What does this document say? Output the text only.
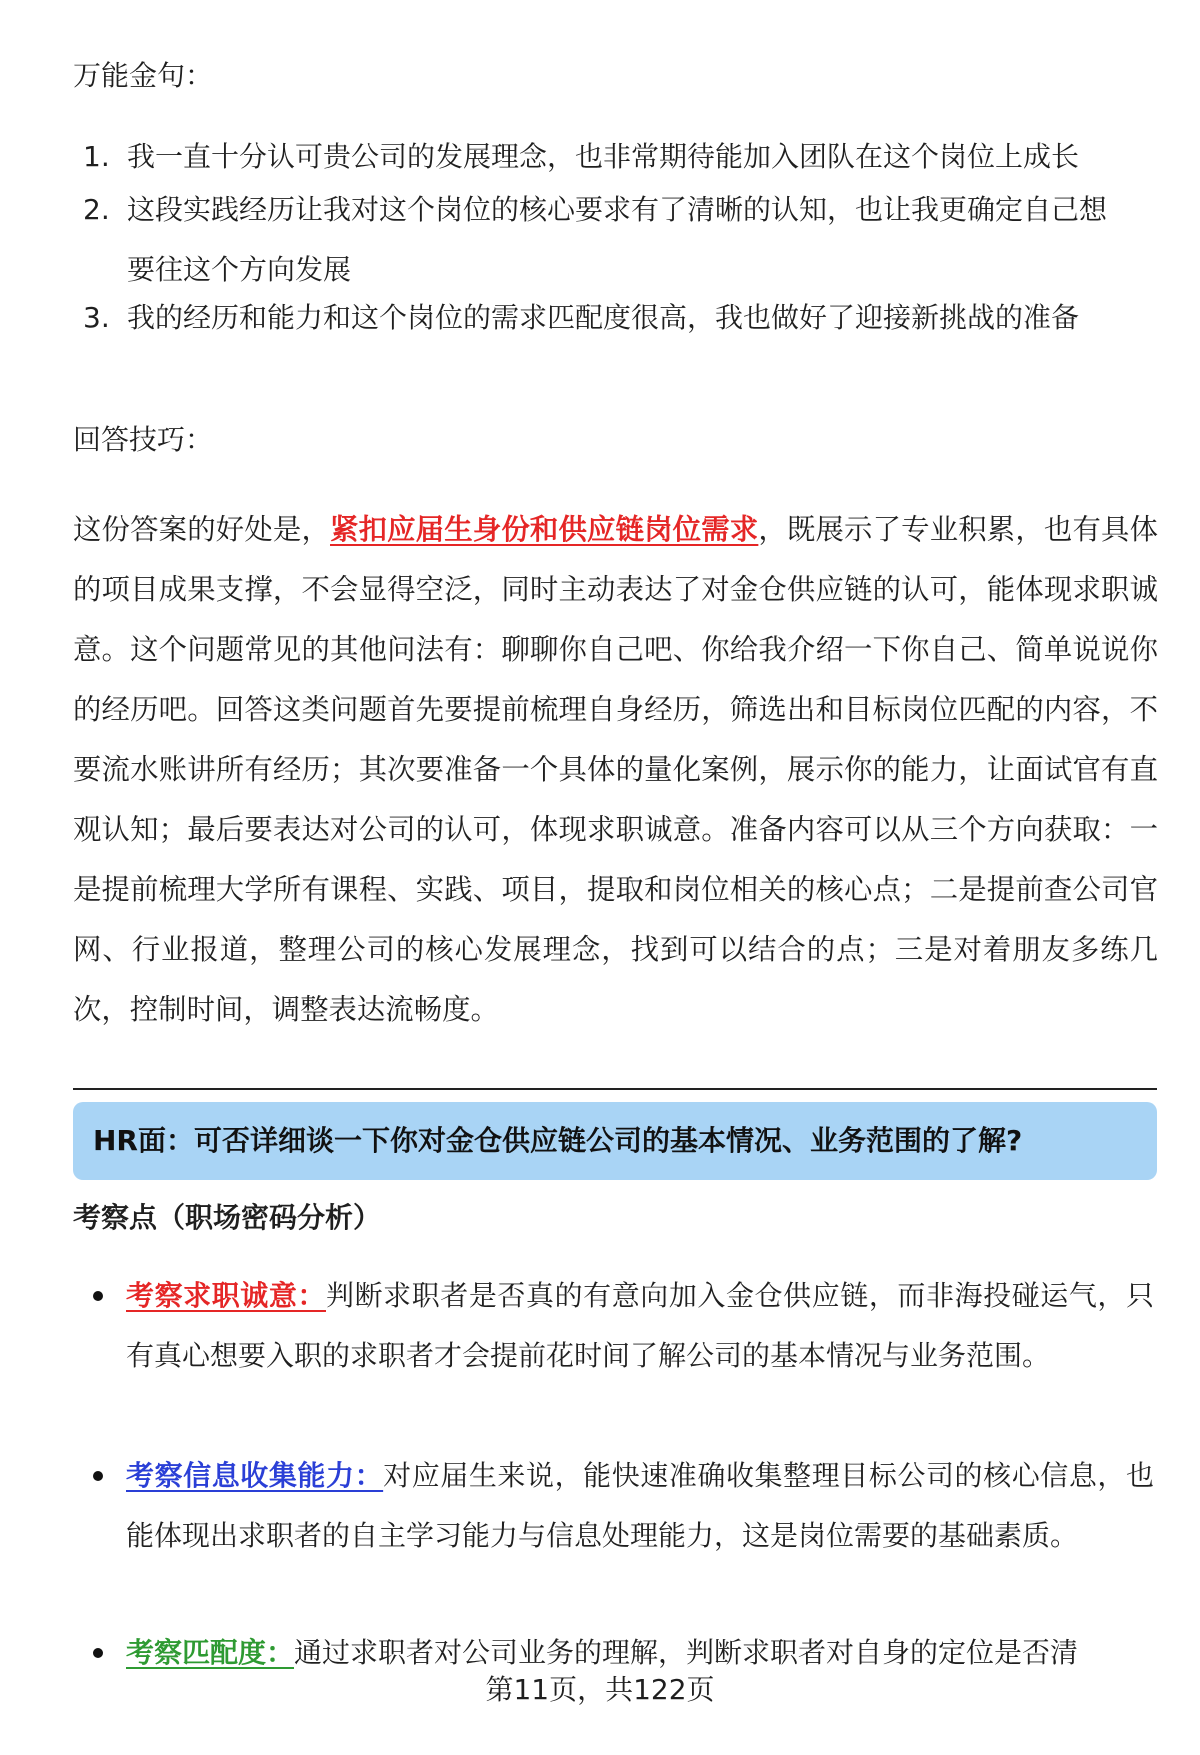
万能金句：
1. 我一直十分认可贵公司的发展理念，也非常期待能加入团队在这个岗位上成长
2. 这段实践经历让我对这个岗位的核心要求有了清晰的认知，也让我更确定自己想要往这个方向发展
3. 我的经历和能力和这个岗位的需求匹配度很高，我也做好了迎接新挑战的准备
回答技巧：
这份答案的好处是，紧扣应届生身份和供应链岗位需求，既展示了专业积累，也有具体的项目成果支撑，不会显得空泛，同时主动表达了对金仓供应链的认可，能体现求职诚意。这个问题常见的其他问法有：聊聊你自己吧、你给我介绍一下你自己、简单说说你的经历吧。回答这类问题首先要提前梳理自身经历，筛选出和目标岗位匹配的内容，不要流水账讲所有经历；其次要准备一个具体的量化案例，展示你的能力，让面试官有直观认知；最后要表达对公司的认可，体现求职诚意。准备内容可以从三个方向获取：一是提前梳理大学所有课程、实践、项目，提取和岗位相关的核心点；二是提前查公司官网、行业报道，整理公司的核心发展理念，找到可以结合的点；三是对着朋友多练几次，控制时间，调整表达流畅度。
HR面：可否详细谈一下你对金仓供应链公司的基本情况、业务范围的了解?
考察点（职场密码分析）
考察求职诚意：判断求职者是否真的有意向加入金仓供应链，而非海投碰运气，只有真心想要入职的求职者才会提前花时间了解公司的基本情况与业务范围。
考察信息收集能力：对应届生来说，能快速准确收集整理目标公司的核心信息，也能体现出求职者的自主学习能力与信息处理能力，这是岗位需要的基础素质。
考察匹配度：通过求职者对公司业务的理解，判断求职者对自身的定位是否清
第11页，共122页
